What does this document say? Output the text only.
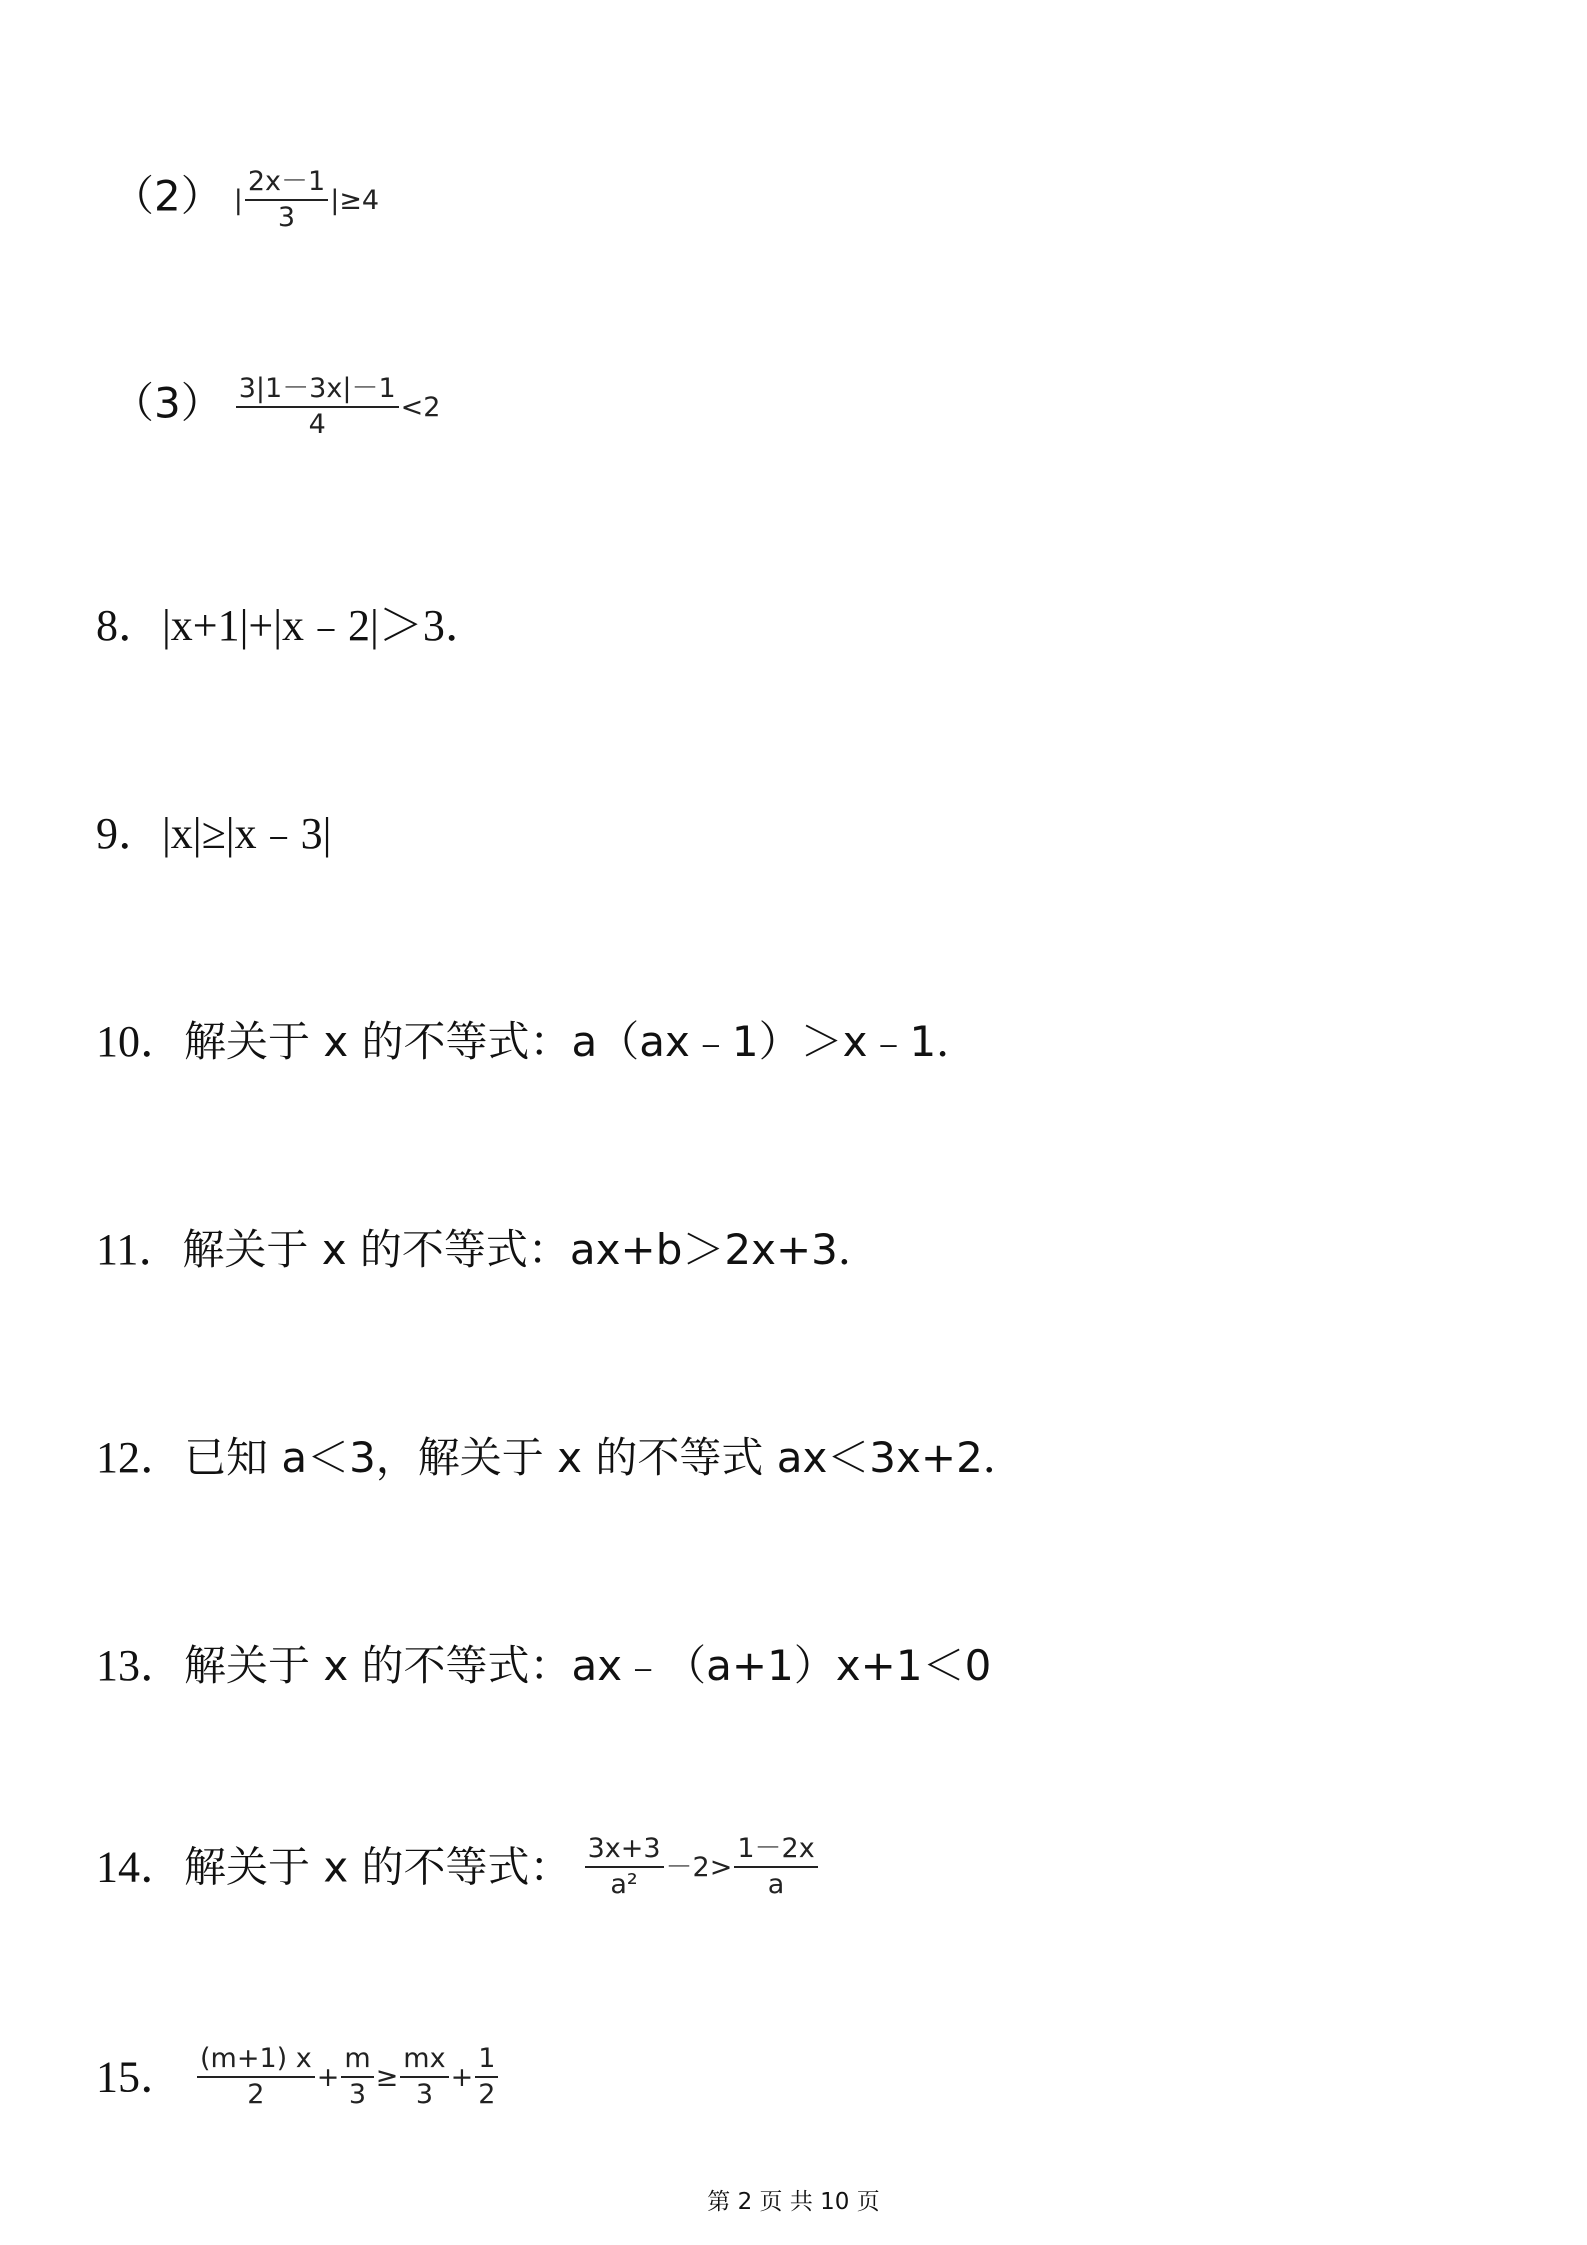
（2） | $\frac{2x-1}{3} |\ge 4$
$(3) \frac{3|1-3x|-1}{4} <2$
8．|x+1|+|x﹣2|＞3．
9．|x|≥|x﹣3|
10．解关于 x 的不等式：a（ax﹣1）＞x﹣1．
11．解关于 x 的不等式：ax+b＞2x+3．
12．已知 a＜3，解关于 x 的不等式 ax＜3x+2．
13．解关于 x 的不等式：ax﹣（a+1）x+1＜0
14．解关于 x 的不等式： $\frac{3x+3}{\text{a²}} -2> \frac{1-2x}{a}$
15． $\frac{(m+1) x}{2} + \frac{m}{3} \ge \frac{mx}{3} + \frac{1}{2}$
第 2 页 共 10 页
